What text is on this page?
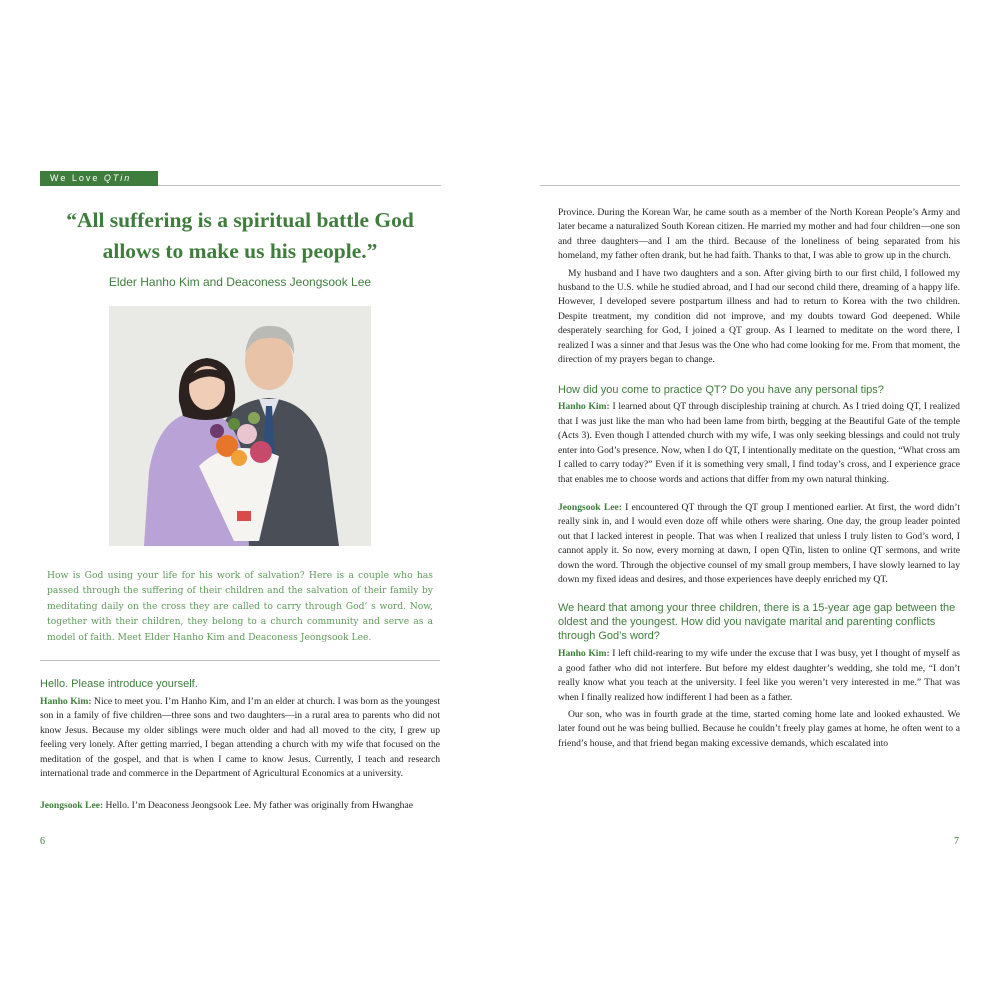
We Love QTin
“All suffering is a spiritual battle God allows to make us his people.”

Elder Hanho Kim and Deaconess Jeongsook Lee

How is God using your life for his work of salvation? Here is a couple who has passed through the suffering of their children and the salvation of their family by meditating daily on the cross they are called to carry through God’ s word. Now, together with their children, they belong to a church community and serve as a model of faith. Meet Elder Hanho Kim and Deaconess Jeongsook Lee.

Hello. Please introduce yourself.

Hanho Kim: Nice to meet you. I’m Hanho Kim, and I’m an elder at church. I was born as the youngest son in a family of five children—three sons and two daughters—in a rural area to parents who did not know Jesus. Because my older siblings were much older and had all moved to the city, I grew up feeling very lonely. After getting married, I began attending a church with my wife that focused on the meditation of the gospel, and that is when I came to know Jesus. Currently, I teach and research international trade and commerce in the Department of Agricultural Economics at a university.

Jeongsook Lee: Hello. I’m Deaconess Jeongsook Lee. My father was originally from Hwanghae

6

Province. During the Korean War, he came south as a member of the North Korean People’s Army and later became a naturalized South Korean citizen. He married my mother and had four children—one son and three daughters—and I am the third. Because of the loneliness of being separated from his homeland, my father often drank, but he had faith. Thanks to that, I was able to grow up in the church.

My husband and I have two daughters and a son. After giving birth to our first child, I followed my husband to the U.S. while he studied abroad, and I had our second child there, dreaming of a happy life. However, I developed severe postpartum illness and had to return to Korea with the two children. Despite treatment, my condition did not improve, and my doubts toward God deepened. While desperately searching for God, I joined a QT group. As I learned to meditate on the word there, I realized I was a sinner and that Jesus was the One who had come looking for me. From that moment, the direction of my prayers began to change.

How did you come to practice QT? Do you have any personal tips?

Hanho Kim: I learned about QT through discipleship training at church. As I tried doing QT, I realized that I was just like the man who had been lame from birth, begging at the Beautiful Gate of the temple (Acts 3). Even though I attended church with my wife, I was only seeking blessings and could not truly enter into God’s presence. Now, when I do QT, I intentionally meditate on the question, “What cross am I called to carry today?” Even if it is something very small, I find today’s cross, and I experience grace that enables me to choose words and actions that differ from my own natural thinking.

Jeongsook Lee: I encountered QT through the QT group I mentioned earlier. At first, the word didn’t really sink in, and I would even doze off while others were sharing. One day, the group leader pointed out that I lacked interest in people. That was when I realized that unless I truly listen to God’s word, I cannot apply it. So now, every morning at dawn, I open QTin, listen to online QT sermons, and write down the word. Through the objective counsel of my small group members, I have slowly learned to lay down my fixed ideas and desires, and those experiences have deeply enriched my QT.

We heard that among your three children, there is a 15-year age gap between the oldest and the youngest. How did you navigate marital and parenting conflicts through God’s word?

Hanho Kim: I left child-rearing to my wife under the excuse that I was busy, yet I thought of myself as a good father who did not interfere. But before my eldest daughter’s wedding, she told me, “I don’t really know what you teach at the university. I feel like you weren’t very interested in me.” That was when I finally realized how indifferent I had been as a father.

Our son, who was in fourth grade at the time, started coming home late and looked exhausted. We later found out he was being bullied. Because he couldn’t freely play games at home, he often went to a friend’s house, and that friend began making excessive demands, which escalated into

7
